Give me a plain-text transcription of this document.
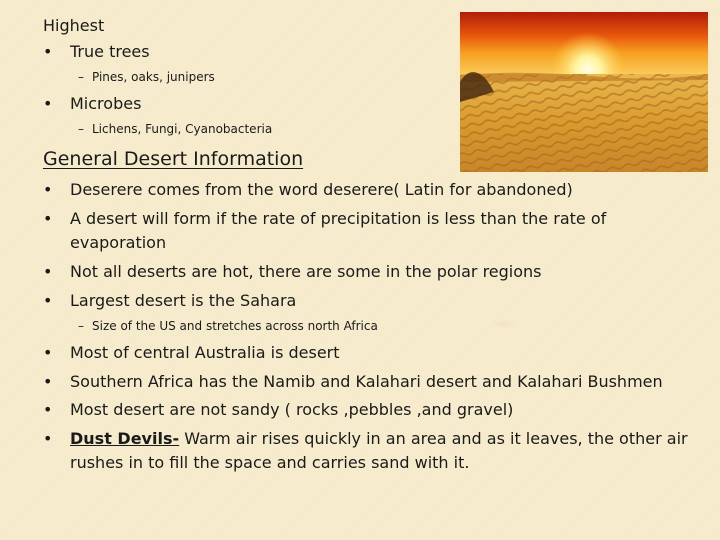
Highest
• True trees
– Pines, oaks, junipers
• Microbes
– Lichens, Fungi, Cyanobacteria
General Desert Information
• Deserere comes from the word deserere( Latin for abandoned)
• A desert will form if the rate of precipitation is less than the rate of
evaporation
• Not all deserts are hot, there are some in the polar regions
• Largest desert is the Sahara
– Size of the US and stretches across north Africa
• Most of central Australia is desert
• Southern Africa has the Namib and Kalahari desert and Kalahari Bushmen
• Most desert are not sandy ( rocks ,pebbles ,and gravel)
• Dust Devils- Warm air rises quickly in an area and as it leaves, the other air
rushes in to fill the space and carries sand with it.
